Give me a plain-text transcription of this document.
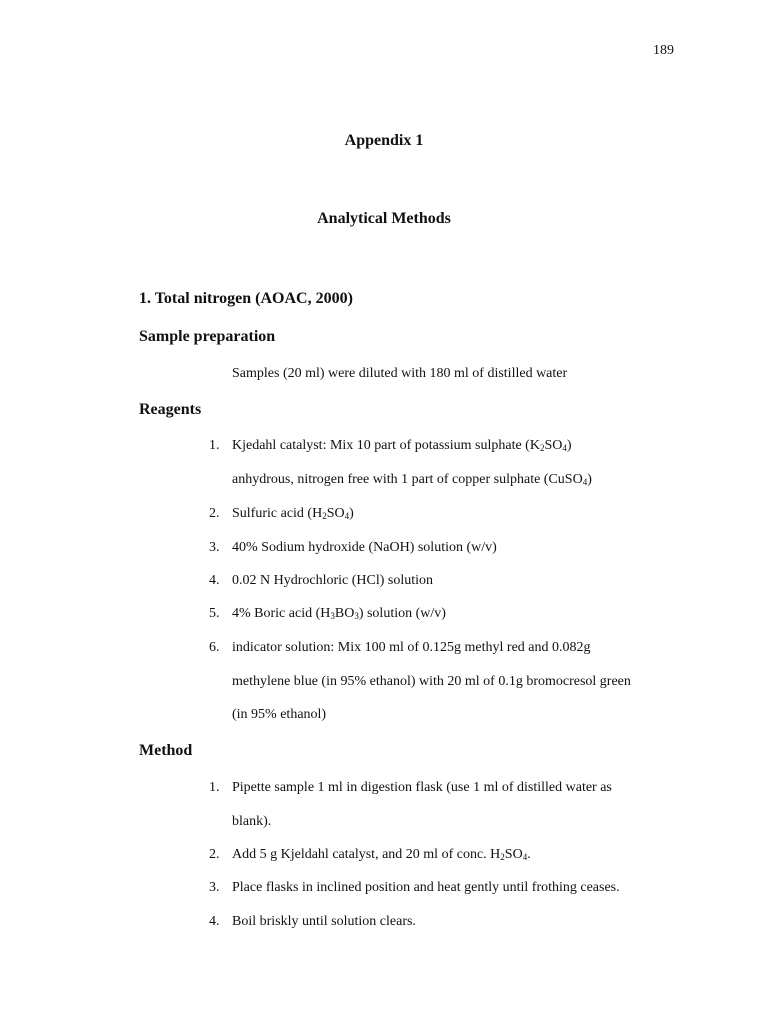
189
Appendix 1
Analytical Methods
1. Total nitrogen (AOAC, 2000)
Sample preparation
Samples (20 ml) were diluted with 180 ml of distilled water
Reagents
1. Kjedahl catalyst: Mix 10 part of potassium sulphate $(K_2SO_4)$
anhydrous, nitrogen free with 1 part of copper sulphate (CuSO$_4$)
2. Sulfuric acid $(H_2SO_4)$
3. 40% Sodium hydroxide (NaOH) solution (w/v)
4. 0.02 N Hydrochloric (HCl) solution
5. 4% Boric acid $(H_3BO_3)$ solution (w/v)
6. indicator solution: Mix 100 ml of 0.125g methyl red and 0.082g
methylene blue (in 95% ethanol) with 20 ml of 0.1g bromocresol green
(in 95% ethanol)
Method
1. Pipette sample 1 ml in digestion flask (use 1 ml of distilled water as
blank).
2. Add 5 g Kjeldahl catalyst, and 20 ml of conc. $H_2SO_4$.
3. Place flasks in inclined position and heat gently until frothing ceases.
4. Boil briskly until solution clears.
